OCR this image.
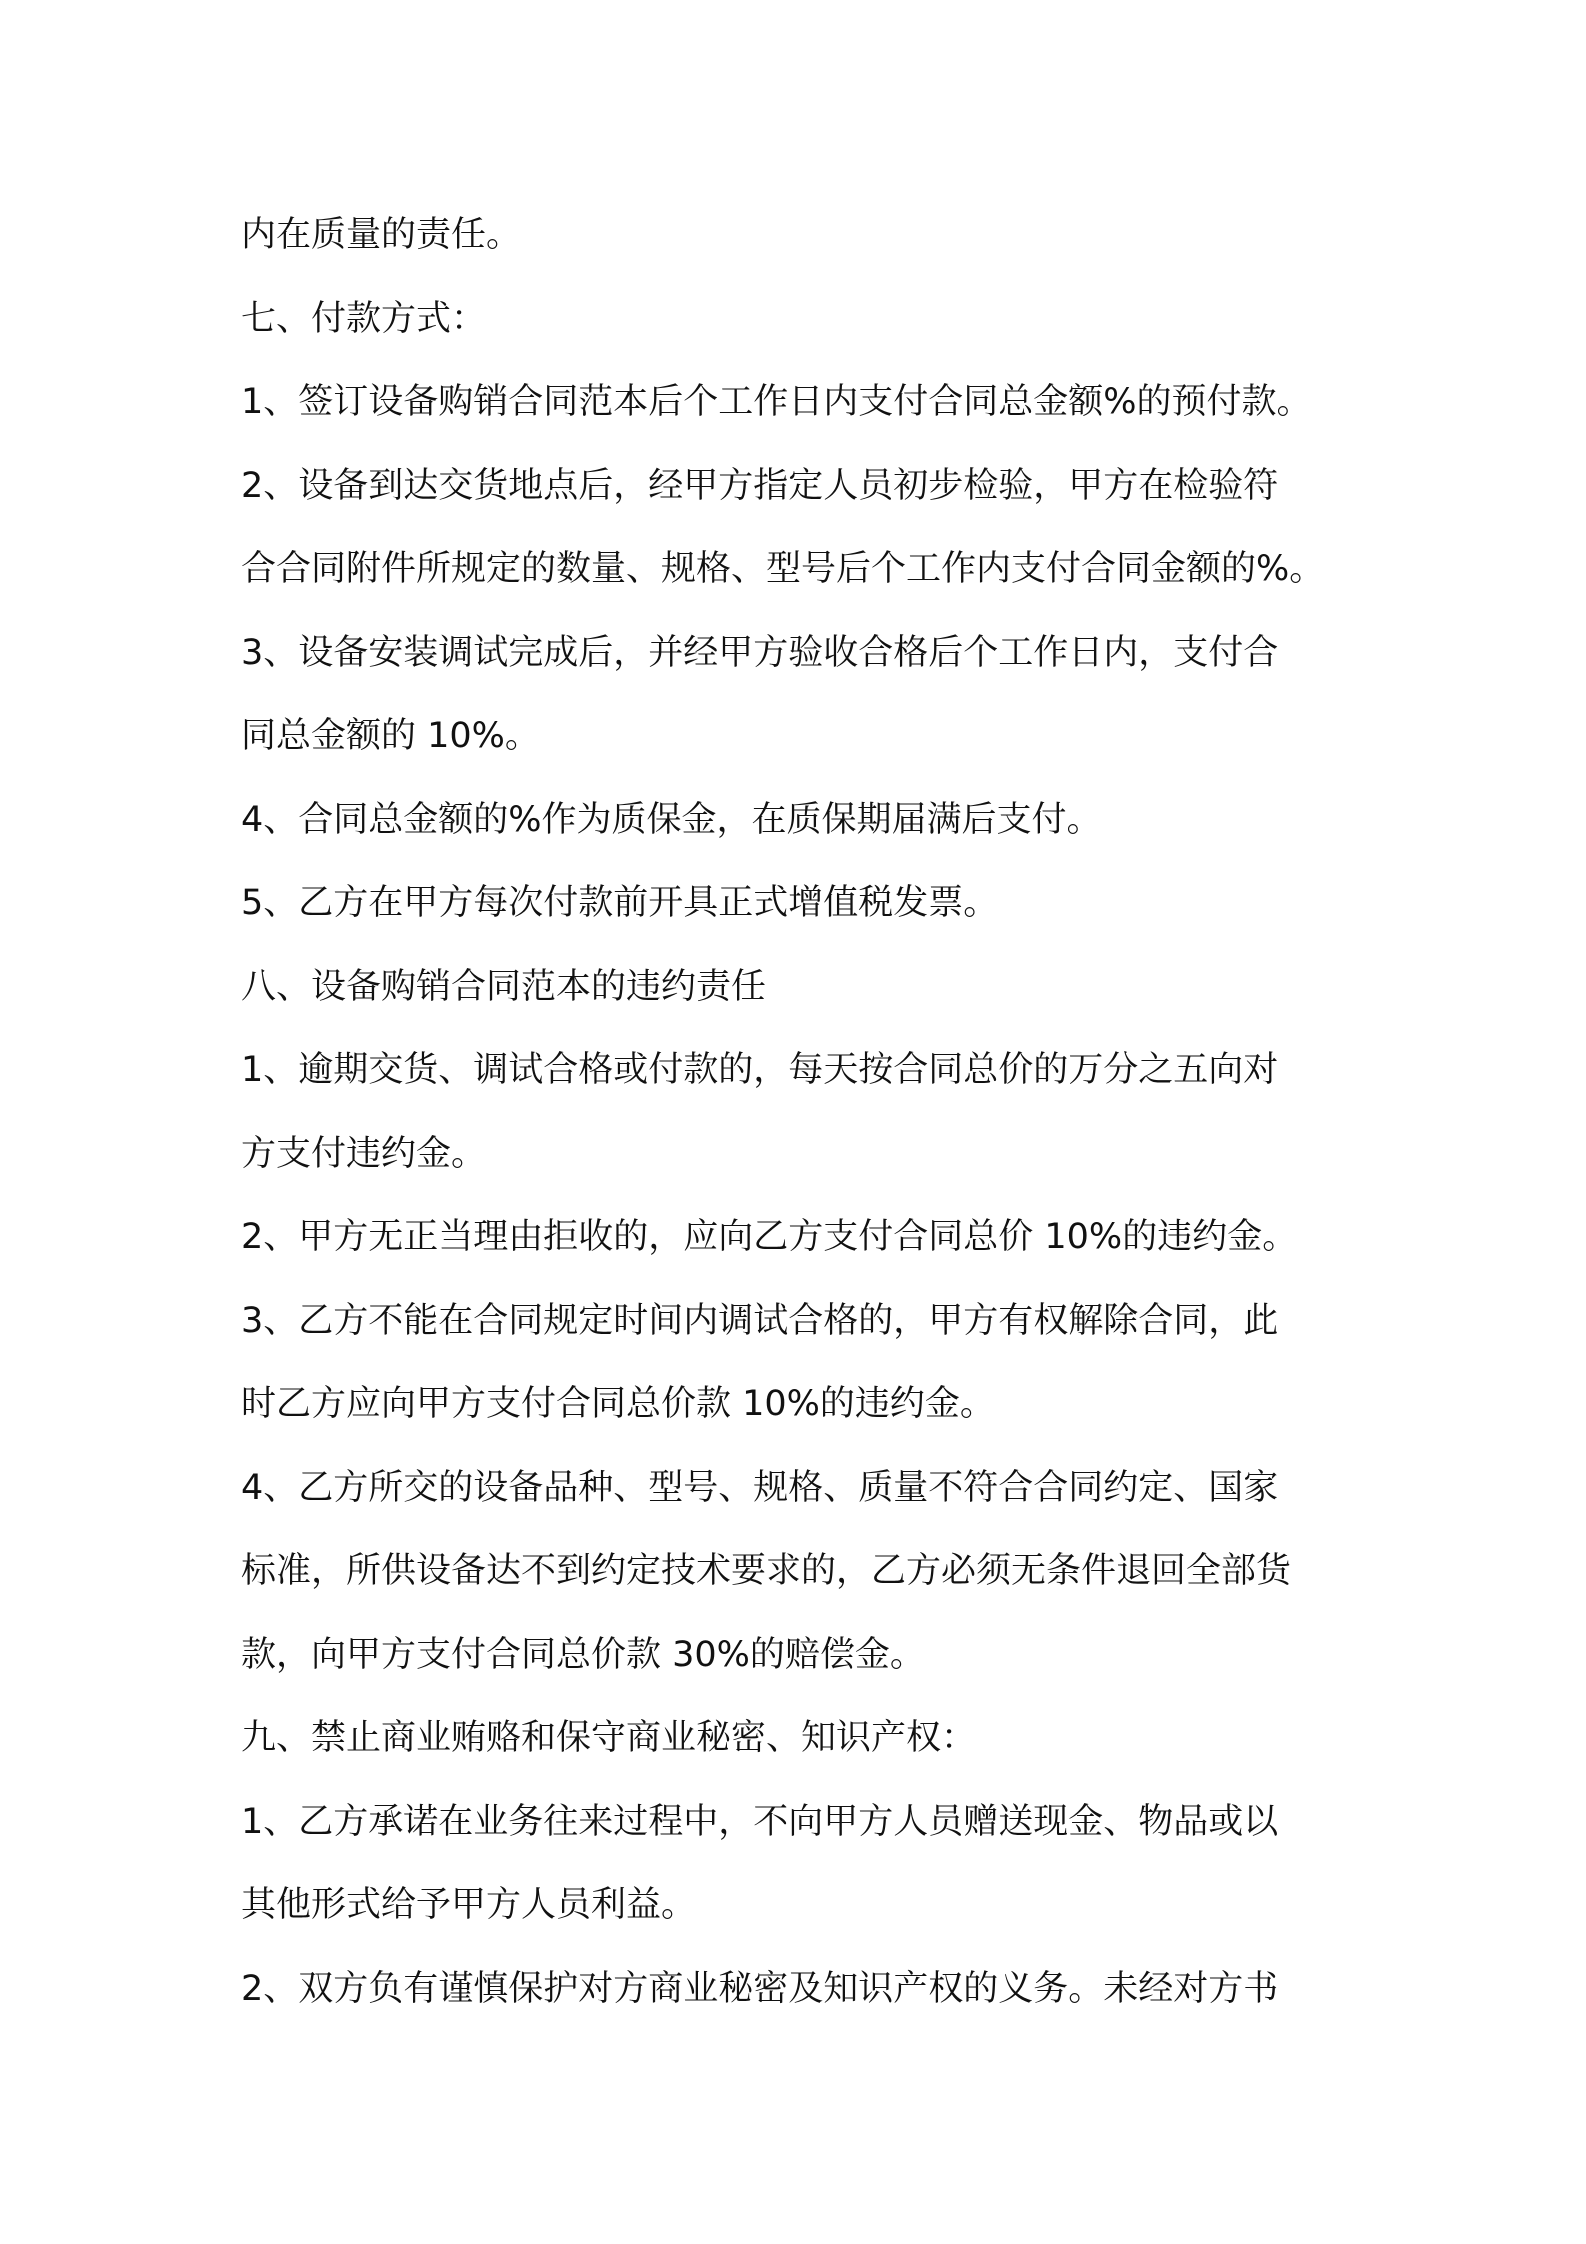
内在质量的责任。
七、付款方式：
1、签订设备购销合同范本后个工作日内支付合同总金额%的预付款。
2、设备到达交货地点后，经甲方指定人员初步检验，甲方在检验符
合合同附件所规定的数量、规格、型号后个工作内支付合同金额的%。
3、设备安装调试完成后，并经甲方验收合格后个工作日内，支付合
同总金额的 10%。
4、合同总金额的%作为质保金，在质保期届满后支付。
5、乙方在甲方每次付款前开具正式增值税发票。
八、设备购销合同范本的违约责任
1、逾期交货、调试合格或付款的，每天按合同总价的万分之五向对
方支付违约金。
2、甲方无正当理由拒收的，应向乙方支付合同总价 10%的违约金。
3、乙方不能在合同规定时间内调试合格的，甲方有权解除合同，此
时乙方应向甲方支付合同总价款 10%的违约金。
4、乙方所交的设备品种、型号、规格、质量不符合合同约定、国家
标准，所供设备达不到约定技术要求的，乙方必须无条件退回全部货
款，向甲方支付合同总价款 30%的赔偿金。
九、禁止商业贿赂和保守商业秘密、知识产权：
1、乙方承诺在业务往来过程中，不向甲方人员赠送现金、物品或以
其他形式给予甲方人员利益。
2、双方负有谨慎保护对方商业秘密及知识产权的义务。未经对方书
